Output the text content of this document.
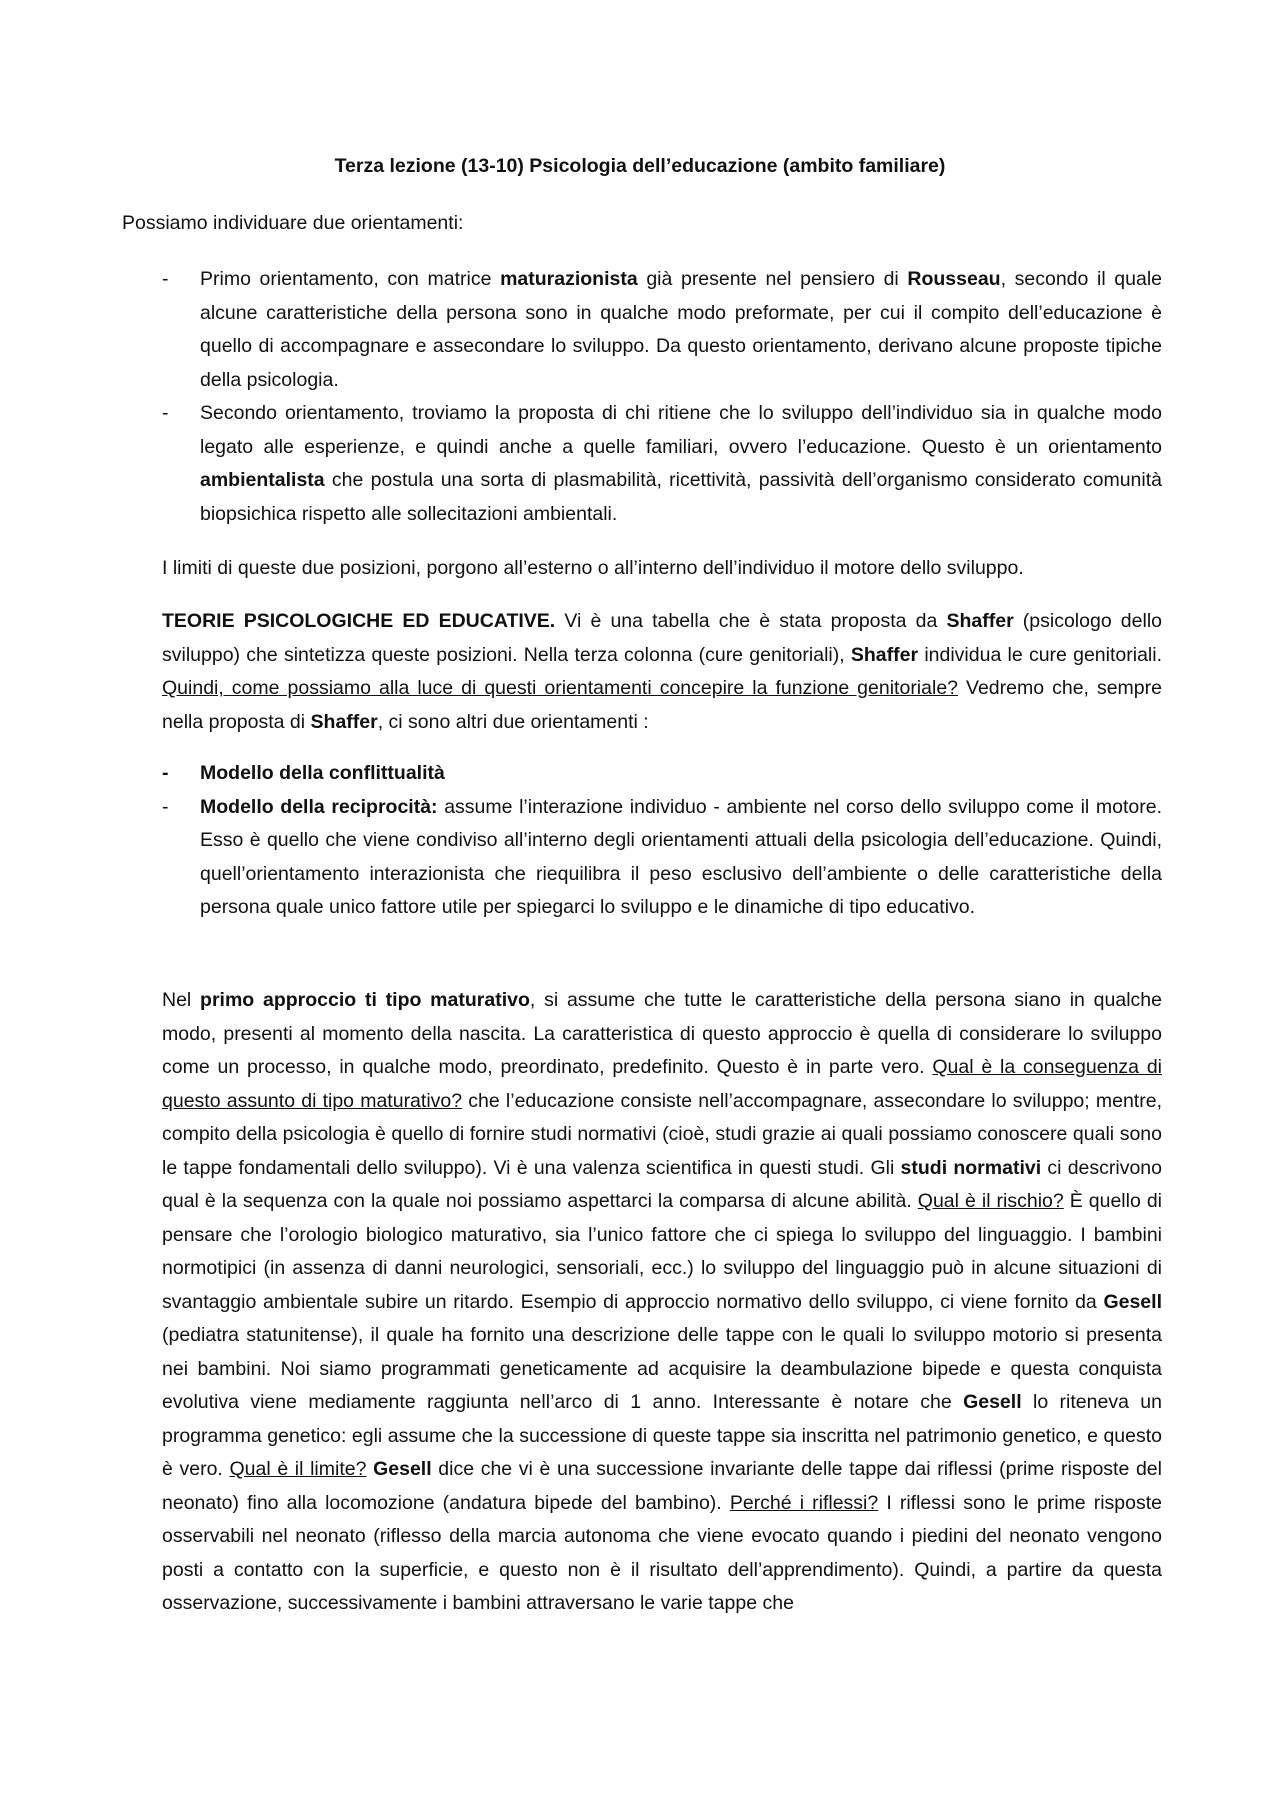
Terza lezione (13-10) Psicologia dell’educazione (ambito familiare)
Possiamo individuare due orientamenti:
-	Primo orientamento, con matrice maturazionista già presente nel pensiero di Rousseau, secondo il quale alcune caratteristiche della persona sono in qualche modo preformate, per cui il compito dell’educazione è quello di accompagnare e assecondare lo sviluppo. Da questo orientamento, derivano alcune proposte tipiche della psicologia.
-	Secondo orientamento, troviamo la proposta di chi ritiene che lo sviluppo dell’individuo sia in qualche modo legato alle esperienze, e quindi anche a quelle familiari, ovvero l’educazione. Questo è un orientamento ambientalista che postula una sorta di plasmabilità, ricettività, passività dell’organismo considerato comunità biopsichica rispetto alle sollecitazioni ambientali.
I limiti di queste due posizioni, porgono all’esterno o all’interno dell’individuo il motore dello sviluppo.
TEORIE PSICOLOGICHE ED EDUCATIVE. Vi è una tabella che è stata proposta da Shaffer (psicologo dello sviluppo) che sintetizza queste posizioni. Nella terza colonna (cure genitoriali), Shaffer individua le cure genitoriali. Quindi, come possiamo alla luce di questi orientamenti concepire la funzione genitoriale? Vedremo che, sempre nella proposta di Shaffer, ci sono altri due orientamenti :
-	Modello della conflittualità
-	Modello della reciprocità: assume l’interazione individuo - ambiente nel corso dello sviluppo come il motore. Esso è quello che viene condiviso all’interno degli orientamenti attuali della psicologia dell’educazione. Quindi, quell’orientamento interazionista che riequilibra il peso esclusivo dell’ambiente o delle caratteristiche della persona quale unico fattore utile per spiegarci lo sviluppo e le dinamiche di tipo educativo.
Nel primo approccio ti tipo maturativo, si assume che tutte le caratteristiche della persona siano in qualche modo, presenti al momento della nascita. La caratteristica di questo approccio è quella di considerare lo sviluppo come un processo, in qualche modo, preordinato, predefinito. Questo è in parte vero. Qual è la conseguenza di questo assunto di tipo maturativo? che l’educazione consiste nell’accompagnare, assecondare lo sviluppo; mentre, compito della psicologia è quello di fornire studi normativi (cioè, studi grazie ai quali possiamo conoscere quali sono le tappe fondamentali dello sviluppo). Vi è una valenza scientifica in questi studi. Gli studi normativi ci descrivono qual è la sequenza con la quale noi possiamo aspettarci la comparsa di alcune abilità. Qual è il rischio? È quello di pensare che l’orologio biologico maturativo, sia l’unico fattore che ci spiega lo sviluppo del linguaggio. I bambini normotipici (in assenza di danni neurologici, sensoriali, ecc.) lo sviluppo del linguaggio può in alcune situazioni di svantaggio ambientale subire un ritardo. Esempio di approccio normativo dello sviluppo, ci viene fornito da Gesell (pediatra statunitense), il quale ha fornito una descrizione delle tappe con le quali lo sviluppo motorio si presenta nei bambini. Noi siamo programmati geneticamente ad acquisire la deambulazione bipede e questa conquista evolutiva viene mediamente raggiunta nell’arco di 1 anno. Interessante è notare che Gesell lo riteneva un programma genetico: egli assume che la successione di queste tappe sia inscritta nel patrimonio genetico, e questo è vero. Qual è il limite? Gesell dice che vi è una successione invariante delle tappe dai riflessi (prime risposte del neonato) fino alla locomozione (andatura bipede del bambino). Perché i riflessi? I riflessi sono le prime risposte osservabili nel neonato (riflesso della marcia autonoma che viene evocato quando i piedini del neonato vengono posti a contatto con la superficie, e questo non è il risultato dell’apprendimento). Quindi, a partire da questa osservazione, successivamente i bambini attraversano le varie tappe che
